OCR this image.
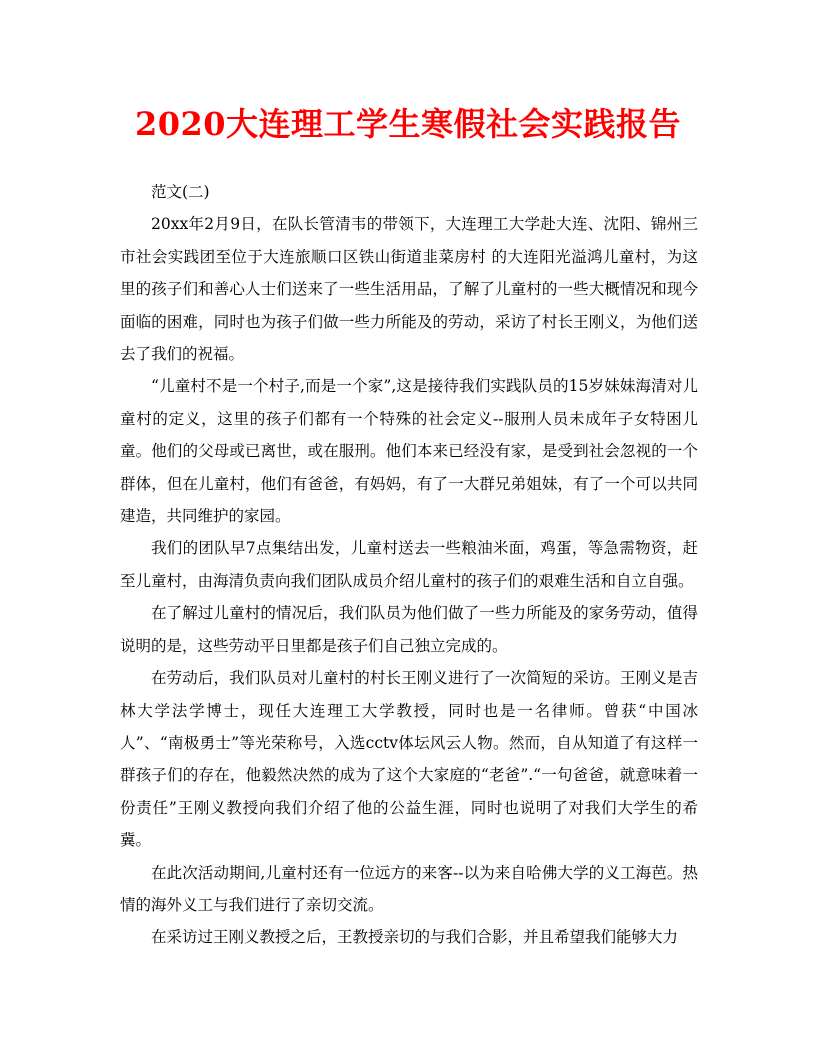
2020大连理工学生寒假社会实践报告

范文(二)

20xx年2月9日，在队长管清韦的带领下，大连理工大学赴大连、沈阳、锦州三市社会实践团至位于大连旅顺口区铁山街道韭菜房村 的大连阳光溢鸿儿童村，为这里的孩子们和善心人士们送来了一些生活用品，了解了儿童村的一些大概情况和现今面临的困难，同时也为孩子们做一些力所能及的劳动，采访了村长王刚义，为他们送去了我们的祝福。

“儿童村不是一个村子,而是一个家”,这是接待我们实践队员的15岁妹妹海清对儿童村的定义，这里的孩子们都有一个特殊的社会定义--服刑人员未成年子女特困儿童。他们的父母或已离世，或在服刑。他们本来已经没有家，是受到社会忽视的一个群体，但在儿童村，他们有爸爸，有妈妈，有了一大群兄弟姐妹，有了一个可以共同建造，共同维护的家园。

我们的团队早7点集结出发，儿童村送去一些粮油米面，鸡蛋，等急需物资，赶至儿童村，由海清负责向我们团队成员介绍儿童村的孩子们的艰难生活和自立自强。

在了解过儿童村的情况后，我们队员为他们做了一些力所能及的家务劳动，值得说明的是，这些劳动平日里都是孩子们自己独立完成的。

在劳动后，我们队员对儿童村的村长王刚义进行了一次简短的采访。王刚义是吉林大学法学博士，现任大连理工大学教授，同时也是一名律师。曾获“中国冰人”、“南极勇士”等光荣称号，入选cctv体坛风云人物。然而，自从知道了有这样一群孩子们的存在，他毅然决然的成为了这个大家庭的“老爸”.“一句爸爸，就意味着一份责任”王刚义教授向我们介绍了他的公益生涯，同时也说明了对我们大学生的希冀。

在此次活动期间,儿童村还有一位远方的来客--以为来自哈佛大学的义工海芭。热情的海外义工与我们进行了亲切交流。

在采访过王刚义教授之后，王教授亲切的与我们合影，并且希望我们能够大力
